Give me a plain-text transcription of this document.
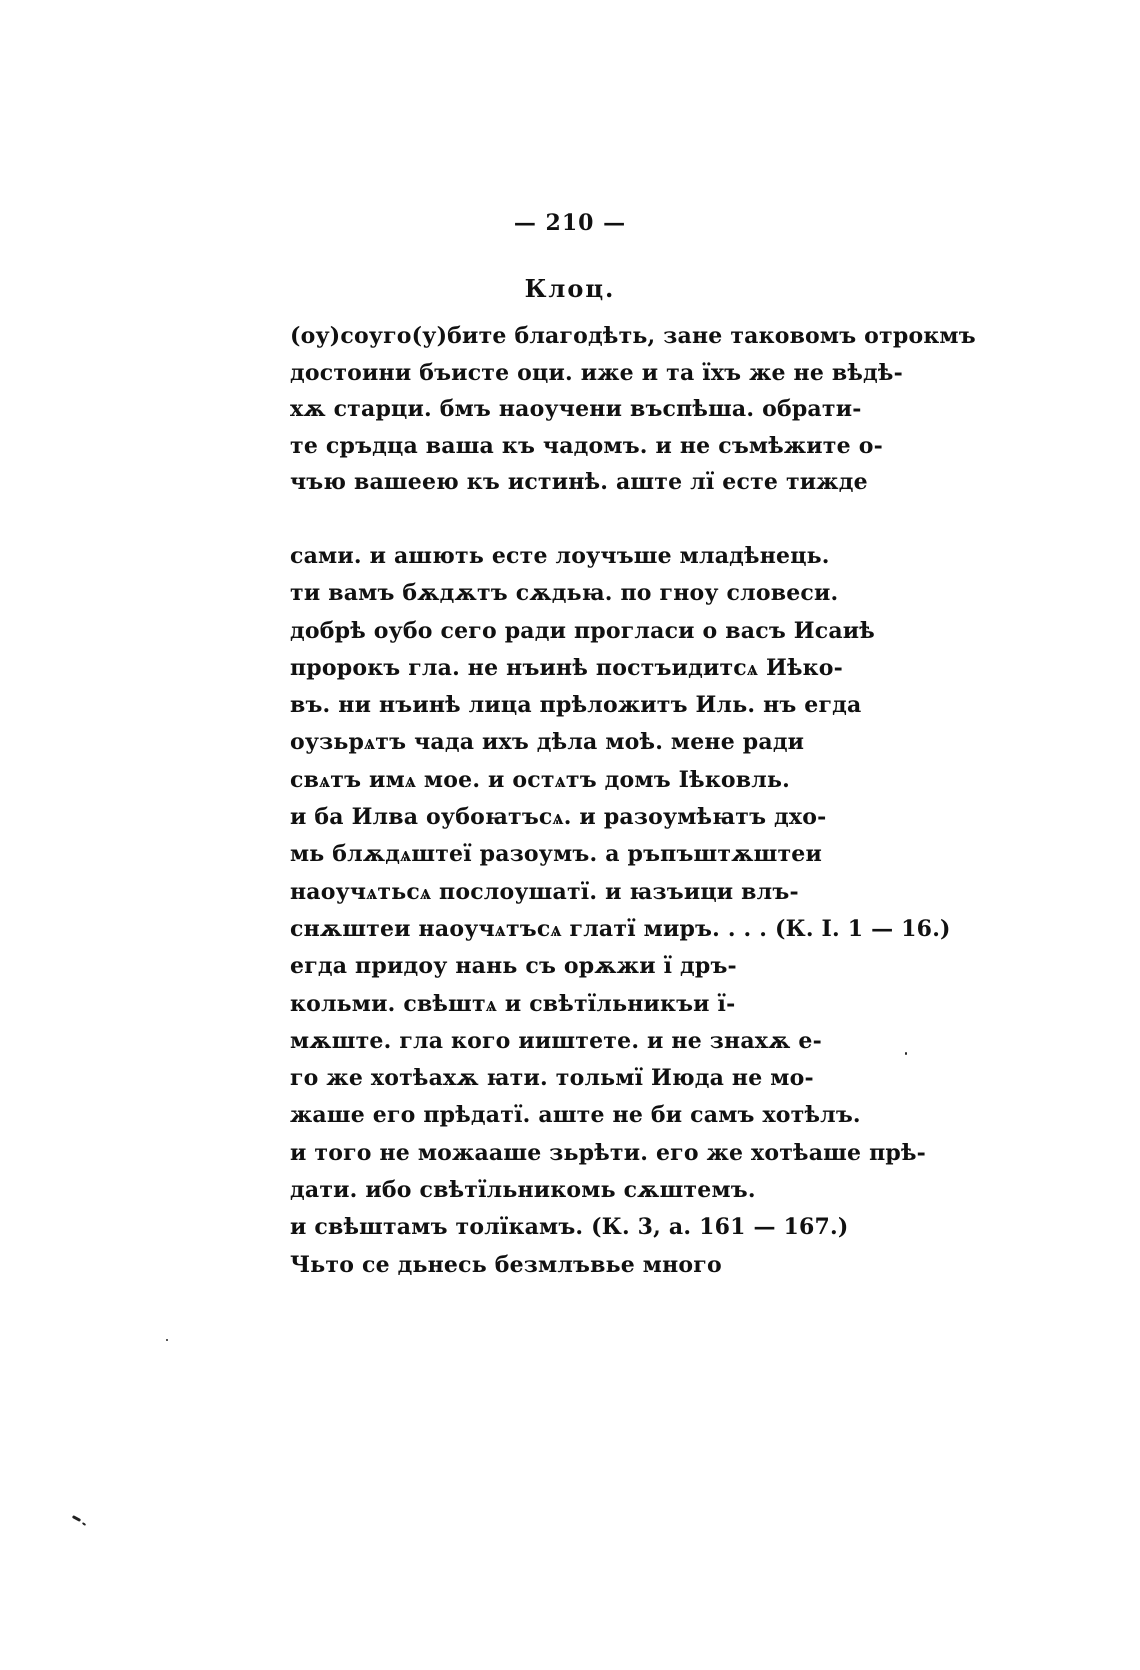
— 210 —
Клоц.
(оу)соуго(у)бите благодѣть, зане таковомъ отрокмъ
достоини бъисте оци. иже и та їхъ же не вѣдѣ-
хѫ старци. бмъ наоучени въспѣша. обрати-
те сръдца ваша къ чадомъ. и не съмѣжите о-
чъю вашеею къ истинѣ. аште лї есте тижде
сами. и ашють есте лоучъше младѣнець.
ти вамъ бѫдѫтъ сѫдьꙗ. по гноу словеси.
добрѣ оубо сего ради прогласи о васъ Исаиѣ
пророкъ гла. не нъинѣ постъидитсѧ Иѣко-
въ. ни нъинѣ лица прѣложитъ Иль. нъ егда
оузьрѧтъ чада ихъ дѣла моѣ. мене ради
свѧтъ имѧ мое. и остѧтъ домъ Іѣковль.
и ба Илва оубоꙗтъсѧ. и разоумѣꙗтъ дхо-
мь блѫдѧштеї разоумъ. а ръпъштѫштеи
наоучѧтьсѧ послоушатї. и ꙗзъици влъ-
снѫштеи наоучѧтъсѧ глатї миръ. . . . (К. I. 1 — 16.)
егда придоу нань съ орѫжи ї дръ-
кольми. свѣштѧ и свѣтїльникъи ї-
мѫште. гла кого ииштете. и не знахѫ е-
го же хотѣахѫ ꙗти. тольмї Июда не мо-
жаше его прѣдатї. аште не би самъ хотѣлъ.
и того не можааше зьрѣти. его же хотѣаше прѣ-
дати. ибо свѣтїльникомь сѫштемъ.
и свѣштамъ толїкамъ. (К. 3, а. 161 — 167.)
Чьто се дьнесь безмлъвье много
